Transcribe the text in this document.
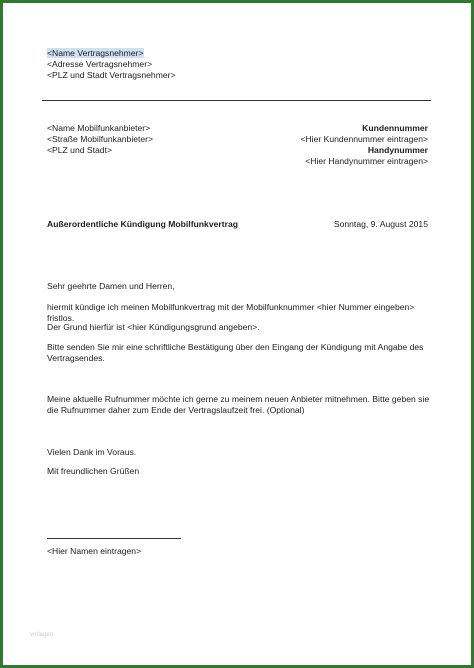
<Name Vertragsnehmer>
<Adresse Vertragsnehmer>
<PLZ und Stadt Vertragsnehmer>
<Name Mobilfunkanbieter>
<Straße Mobilfunkanbieter>
<PLZ und Stadt>
Kundennummer
<Hier Kundennummer eintragen>
Handynummer
<Hier Handynummer eintragen>
Außerordentliche Kündigung Mobilfunkvertrag	Sonntag, 9. August 2015
Sehr geehrte Damen und Herren,
hiermit kündige ich meinen Mobilfunkvertrag mit der Mobilfunknummer <hier Nummer eingeben> fristlos.
Der Grund hierfür ist <hier Kündigungsgrund angeben>.
Bitte senden Sie mir eine schriftliche Bestätigung über den Eingang der Kündigung mit Angabe des Vertragsendes.
Meine aktuelle Rufnummer möchte ich gerne zu meinem neuen Anbieter mitnehmen. Bitte geben sie die Rufnummer daher zum Ende der Vertragslaufzeit frei. (Optional)
Vielen Dank im Voraus.
Mit freundlichen Grüßen
<Hier Namen eintragen>
vorlagen
